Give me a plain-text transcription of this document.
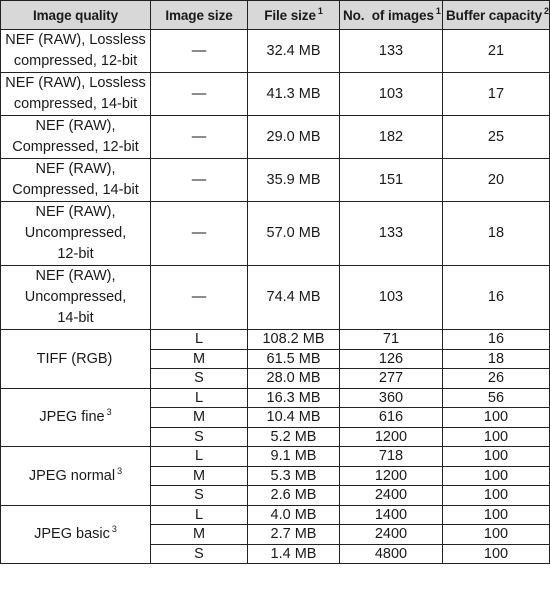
Image quality	Image size	File size $^1$	No.  of images $^1$	Buffer capacity $^2$

NEF (RAW), Lossless
compressed, 12-bit	—	32.4 MB	133	21

NEF (RAW), Lossless
compressed, 14-bit	—	41.3 MB	103	17

NEF (RAW),
Compressed, 12-bit	—	29.0 MB	182	25

NEF (RAW),
Compressed, 14-bit	—	35.9 MB	151	20

NEF (RAW),
Uncompressed,
12-bit	—	57.0 MB	133	18

NEF (RAW),
Uncompressed,
14-bit	—	74.4 MB	103	16
TIFF (RGB)	L	108.2 MB	71	16
	M	61.5 MB	126	18
	S	28.0 MB	277	26
JPEG fine $^3$	L	16.3 MB	360	56
	M	10.4 MB	616	100
	S	5.2 MB	1200	100
JPEG normal $^3$	L	9.1 MB	718	100
	M	5.3 MB	1200	100
	S	2.6 MB	2400	100
JPEG basic $^3$	L	4.0 MB	1400	100
	M	2.7 MB	2400	100
	S	1.4 MB	4800	100
